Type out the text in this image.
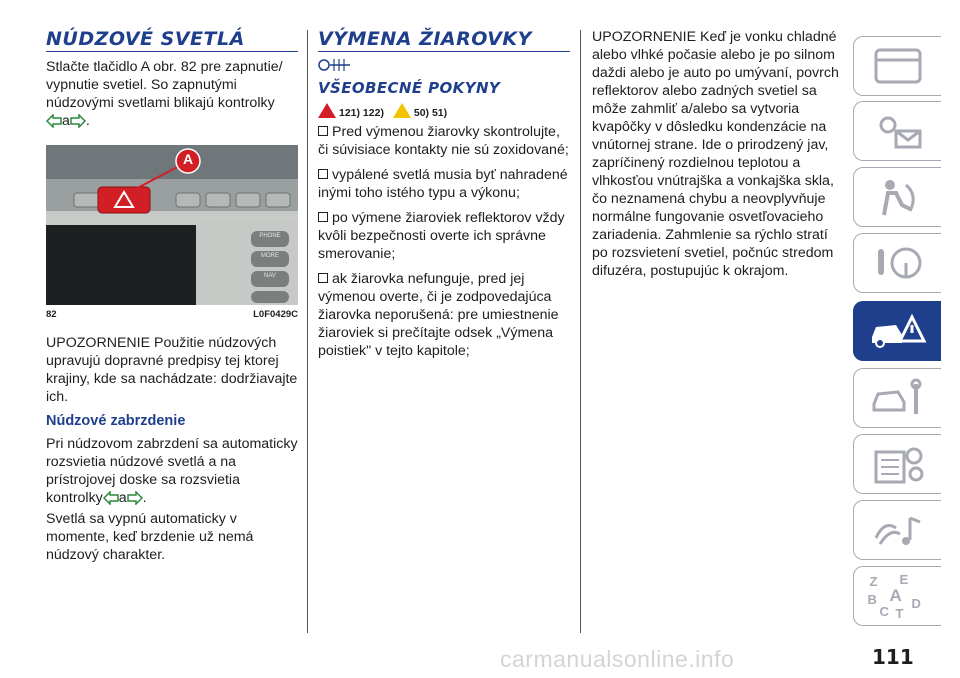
NÚDZOVÉ SVETLÁ

Stlačte tlačidlo A obr. 82 pre zapnutie/
vypnutie svetiel. So zapnutými
núdzovými svetlami blikajú kontrolky
a .

A
PHONE
MORE
NAV
82	L0F0429C

UPOZORNENIE Použitie núdzových upravujú dopravné predpisy tej ktorej krajiny, kde sa nachádzate: dodržiavajte ich.

Núdzové zabrzdenie

Pri núdzovom zabrzdení sa automaticky rozsvietia núdzové svetlá a na prístrojovej doske sa rozsvietia
kontrolky a .
Svetlá sa vypnú automaticky v momente, keď brzdenie už nemá núdzový charakter.

VÝMENA ŽIAROVKY
VŠEOBECNÉ POKYNY
121) 122)	50) 51)

Pred výmenou žiarovky skontrolujte, či súvisiace kontakty nie sú zoxidované;

vypálené svetlá musia byť nahradené inými toho istého typu a výkonu;

po výmene žiaroviek reflektorov vždy kvôli bezpečnosti overte ich správne smerovanie;

ak žiarovka nefunguje, pred jej výmenou overte, či je zodpovedajúca žiarovka neporušená: pre umiestnenie žiaroviek si prečítajte odsek „Výmena poistiek" v tejto kapitole;

UPOZORNENIE Keď je vonku chladné alebo vlhké počasie alebo je po silnom daždi alebo je auto po umývaní, povrch reflektorov alebo zadných svetiel sa môže zahmliť a/alebo sa vytvoria kvapôčky v dôsledku kondenzácie na vnútornej strane. Ide o prirodzený jav, zapríčinený rozdielnou teplotou a vlhkosťou vnútrajška a vonkajška skla, čo neznamená chybu a neovplyvňuje normálne fungovanie osvetľovacieho zariadenia. Zahmlenie sa rýchlo stratí po rozsvietení svetiel, počnúc stredom difuzéra, postupujúc k okrajom.

Z E
B A D
C T
carmanualsonline.info	111
